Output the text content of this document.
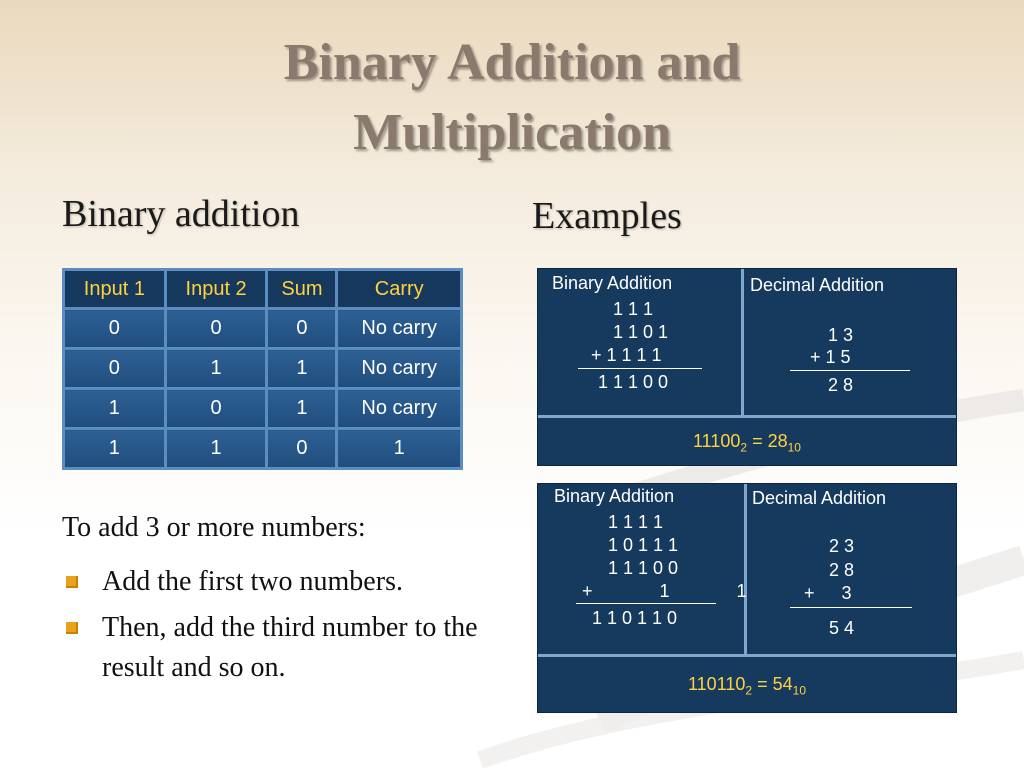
Binary Addition and
Multiplication
Binary addition	Examples
Input 1	Input 2	Sum	Carry
0	0	0	No carry
0	1	1	No carry
1	0	1	No carry
1	1	0	1
To add 3 or more numbers:
Add the first two numbers.
Then, add the third number to the result and so on.
Binary Addition	Decimal Addition
1 1 1
1 1 0 1
+ 1 1 1 1
1 1 1 0 0
1 3
+ 1 5
2 8
$11100_2 = 28_{10}$
Binary Addition	Decimal Addition
1 1 1 1
1 0 1 1 1
1 1 1 0 0
+ 1 1
1 1 0 1 1 0
2 3
2 8
+ 3
5 4
$110110_2 = 54_{10}$
